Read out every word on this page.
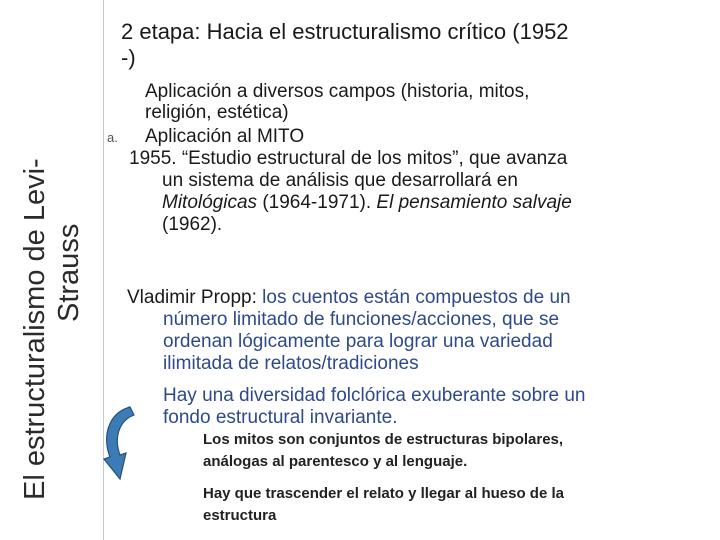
El estructuralismo de Levi- Strauss
2 etapa: Hacia el estructuralismo crítico (1952
-)
Aplicación a diversos campos (historia, mitos,
religión, estética)
a. Aplicación al MITO
1955. “Estudio estructural de los mitos”, que avanza
un sistema de análisis que desarrollará en
Mitológicas (1964-1971). El pensamiento salvaje
(1962).
Vladimir Propp: los cuentos están compuestos de un
número limitado de funciones/acciones, que se
ordenan lógicamente para lograr una variedad
ilimitada de relatos/tradiciones
Hay una diversidad folclórica exuberante sobre un
fondo estructural invariante.
Los mitos son conjuntos de estructuras bipolares,
análogas al parentesco y al lenguaje.
Hay que trascender el relato y llegar al hueso de la
estructura
